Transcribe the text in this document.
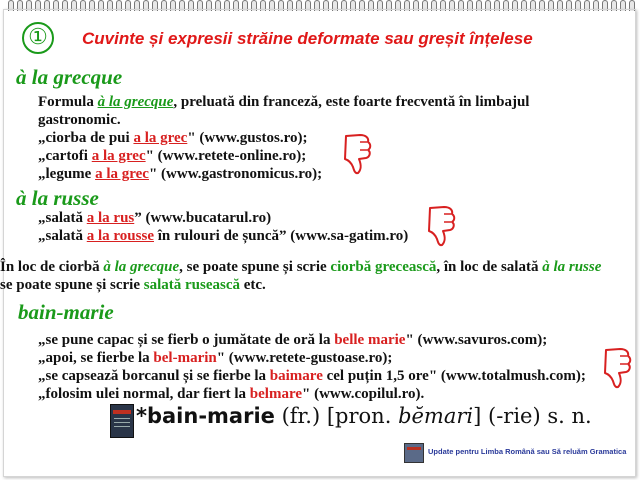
①	Cuvinte și expresii străine deformate sau greșit înțelese
à la grecque
Formula à la grecque, preluată din franceză, este foarte frecventă în limbajul
gastronomic.
„ciorba de pui a la grec" (www.gustos.ro);
„cartofi a la grec" (www.retete-online.ro);
„legume a la grec" (www.gastronomicus.ro);
à la russe
„salată a la rus” (www.bucatarul.ro)
„salată a la rousse în rulouri de șuncă” (www.sa-gatim.ro)
În loc de ciorbă à la grecque, se poate spune și scrie ciorbă grecească, în loc de salată à la russe
se poate spune și scrie salată rusească etc.
bain-marie
„se pune capac și se fierb o jumătate de oră la belle marie" (www.savuros.com);
„apoi, se fierbe la bel-marin" (www.retete-gustoase.ro);
„se capsează borcanul și se fierbe la baimare cel puțin 1,5 ore" (www.totalmush.com);
„folosim ulei normal, dar fiert la belmare" (www.copilul.ro).
*bain-marie (fr.) [pron. bĕmari] (-rie) s. n.
Update pentru Limba Română sau Să reluăm Gramatica
